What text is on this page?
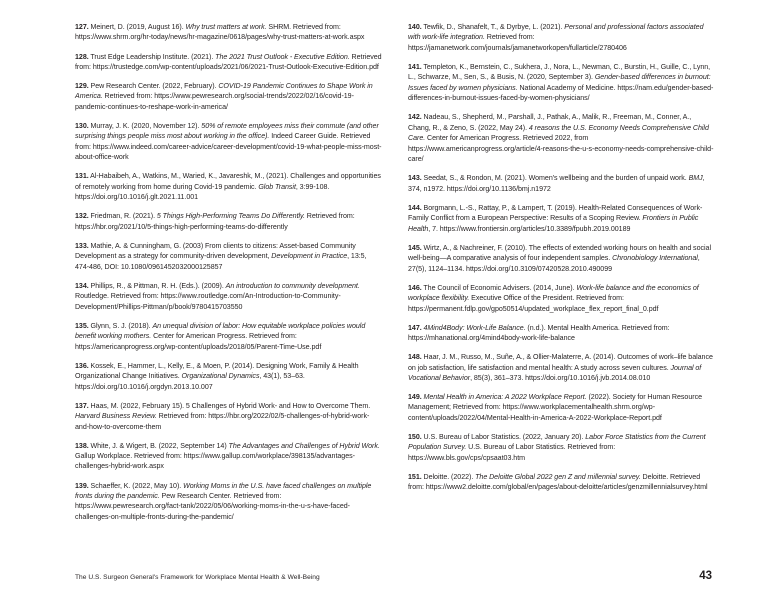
127. Meinert, D. (2019, August 16). Why trust matters at work. SHRM. Retrieved from: https://www.shrm.org/hr-today/news/hr-magazine/0618/pages/why-trust-matters-at-work.aspx

128. Trust Edge Leadership Institute. (2021). The 2021 Trust Outlook - Executive Edition. Retrieved from: https://trustedge.com/wp-content/uploads/2021/06/2021-Trust-Outlook-Executive-Edition.pdf

129. Pew Research Center. (2022, February). COVID-19 Pandemic Continues to Shape Work in America. Retrieved from: https://www.pewresearch.org/social-trends/2022/02/16/covid-19-pandemic-continues-to-reshape-work-in-america/

130. Murray, J. K. (2020, November 12). 50% of remote employees miss their commute (and other surprising things people miss most about working in the office). Indeed Career Guide. Retrieved from: https://www.indeed.com/career-advice/career-development/covid-19-what-people-miss-most-about-office-work

131. Al-Habaibeh, A., Watkins, M., Waried, K., Javareshk, M., (2021). Challenges and opportunities of remotely working from home during Covid-19 pandemic. Glob Transit, 3:99-108. https://doi.org/10.1016/j.glt.2021.11.001

132. Friedman, R. (2021). 5 Things High-Performing Teams Do Differently. Retrieved from: https://hbr.org/2021/10/5-things-high-performing-teams-do-differently

133. Mathie, A. & Cunningham, G. (2003) From clients to citizens: Asset-based Community Development as a strategy for community-driven development, Development in Practice, 13:5, 474-486, DOI: 10.1080/0961452032000125857

134. Phillips, R., & Pittman, R. H. (Eds.). (2009). An introduction to community development. Routledge. Retrieved from: https://www.routledge.com/An-Introduction-to-Community-Development/Phillips-Pittman/p/book/9780415703550

135. Glynn, S. J. (2018). An unequal division of labor: How equitable workplace policies would benefit working mothers. Center for American Progress. Retrieved from: https://americanprogress.org/wp-content/uploads/2018/05/Parent-Time-Use.pdf

136. Kossek, E., Hammer, L., Kelly, E., & Moen, P. (2014). Designing Work, Family & Health Organizational Change Initiatives. Organizational Dynamics, 43(1), 53–63. https://doi.org/10.1016/j.orgdyn.2013.10.007

137. Haas, M. (2022, February 15). 5 Challenges of Hybrid Work- and How to Overcome Them. Harvard Business Review. Retrieved from: https://hbr.org/2022/02/5-challenges-of-hybrid-work-and-how-to-overcome-them

138. White, J. & Wigert, B. (2022, September 14) The Advantages and Challenges of Hybrid Work. Gallup Workplace. Retrieved from: https://www.gallup.com/workplace/398135/advantages-challenges-hybrid-work.aspx

139. Schaeffer, K. (2022, May 10). Working Moms in the U.S. have faced challenges on multiple fronts during the pandemic. Pew Research Center. Retrieved from: https://www.pewresearch.org/fact-tank/2022/05/06/working-moms-in-the-u-s-have-faced-challenges-on-multiple-fronts-during-the-pandemic/

140. Tewfik, D., Shanafelt, T., & Dyrbye, L. (2021). Personal and professional factors associated with work-life integration. Retrieved from: https://jamanetwork.com/journals/jamanetworkopen/fullarticle/2780406

141. Templeton, K., Bernstein, C., Sukhera, J., Nora, L., Newman, C., Burstin, H., Guille, C., Lynn, L., Schwarze, M., Sen, S., & Busis, N. (2020, September 3). Gender-based differences in burnout: Issues faced by women physicians. National Academy of Medicine. https://nam.edu/gender-based-differences-in-burnout-issues-faced-by-women-physicians/

142. Nadeau, S., Shepherd, M., Parshall, J., Pathak, A., Malik, R., Freeman, M., Conner, A., Chang, R., & Zeno, S. (2022, May 24). 4 reasons the U.S. Economy Needs Comprehensive Child Care. Center for American Progress. Retrieved 2022, from https://www.americanprogress.org/article/4-reasons-the-u-s-economy-needs-comprehensive-child-care/

143. Seedat, S., & Rondon, M. (2021). Women's wellbeing and the burden of unpaid work. BMJ, 374, n1972. https://doi.org/10.1136/bmj.n1972

144. Borgmann, L.-S., Rattay, P., & Lampert, T. (2019). Health-Related Consequences of Work-Family Conflict from a European Perspective: Results of a Scoping Review. Frontiers in Public Health, 7. https://www.frontiersin.org/articles/10.3389/fpubh.2019.00189

145. Wirtz, A., & Nachreiner, F. (2010). The effects of extended working hours on health and social well-being—A comparative analysis of four independent samples. Chronobiology International, 27(5), 1124–1134. https://doi.org/10.3109/07420528.2010.490099

146. The Council of Economic Advisers. (2014, June). Work-life balance and the economics of workplace flexibility. Executive Office of the President. Retrieved from: https://permanent.fdlp.gov/gpo50514/updated_workplace_flex_report_final_0.pdf

147. 4Mind4Body: Work-Life Balance. (n.d.). Mental Health America. Retrieved from: https://mhanational.org/4mind4body-work-life-balance

148. Haar, J. M., Russo, M., Suñe, A., & Ollier-Malaterre, A. (2014). Outcomes of work–life balance on job satisfaction, life satisfaction and mental health: A study across seven cultures. Journal of Vocational Behavior, 85(3), 361–373. https://doi.org/10.1016/j.jvb.2014.08.010

149. Mental Health in America: A 2022 Workplace Report. (2022). Society for Human Resource Management; Retrieved from: https://www.workplacementalhealth.shrm.org/wp-content/uploads/2022/04/Mental-Health-in-America-A-2022-Workplace-Report.pdf

150. U.S. Bureau of Labor Statistics. (2022, January 20). Labor Force Statistics from the Current Population Survey. U.S. Bureau of Labor Statistics. Retrieved from: https://www.bls.gov/cps/cpsaat03.htm

151. Deloitte. (2022). The Deloitte Global 2022 gen Z and millennial survey. Deloitte. Retrieved from: https://www2.deloitte.com/global/en/pages/about-deloitte/articles/genzmillennialsurvey.html

The U.S. Surgeon General's Framework for Workplace Mental Health & Well-Being	43
